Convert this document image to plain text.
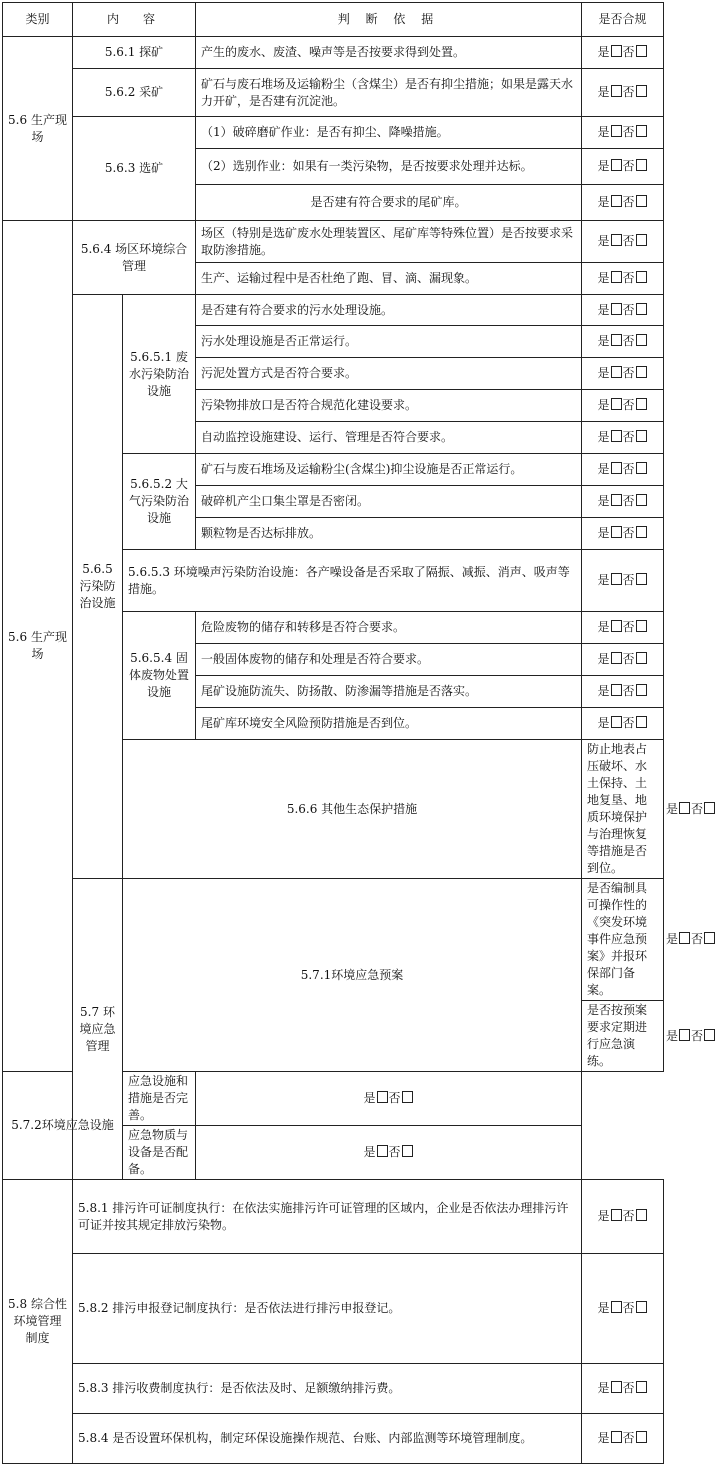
类别	内　容		判 断 依 据	是否合规	
5.6 生产现场	5.6.1 探矿		产生的废水、废渣、噪声等是否按要求得到处置。	是 否	
	5.6.2 采矿		矿石与废石堆场及运输粉尘（含煤尘）是否有抑尘措施；如果是露天水力开矿，是否建有沉淀池。	是 否	
	5.6.3 选矿		（1）破碎磨矿作业：是否有抑尘、降噪措施。	是 否	
			（2）选别作业：如果有一类污染物，是否按要求处理并达标。	是 否	
			是否建有符合要求的尾矿库。	是 否	
5.6 生产现场	5.6.4 场区环境综合管理		场区（特别是选矿废水处理装置区、尾矿库等特殊位置）是否按要求采取防渗措施。	是 否	
			生产、运输过程中是否杜绝了跑、冒、滴、漏现象。	是 否	
	5.6.5 污染防治设施	5.6.5.1 废水污染防治设施	是否建有符合要求的污水处理设施。	是 否	
			污水处理设施是否正常运行。	是 否	
			污泥处置方式是否符合要求。	是 否	
			污染物排放口是否符合规范化建设要求。	是 否	
			自动监控设施建设、运行、管理是否符合要求。	是 否	
		5.6.5.2 大气污染防治设施	矿石与废石堆场及运输粉尘(含煤尘)抑尘设施是否正常运行。	是 否	
			破碎机产尘口集尘罩是否密闭。	是 否	
			颗粒物是否达标排放。	是 否	
		5.6.5.3 环境噪声污染防治设施：各产噪设备是否采取了隔振、减振、消声、吸声等措施。		是 否	
		5.6.5.4 固体废物处置设施	危险废物的储存和转移是否符合要求。	是 否	
			一般固体废物的储存和处理是否符合要求。	是 否	
			尾矿设施防流失、防扬散、防渗漏等措施是否落实。	是 否	
			尾矿库环境安全风险预防措施是否到位。	是 否	
		5.6.6 其他生态保护措施		防止地表占压破坏、水土保持、土地复垦、地质环境保护与治理恢复等措施是否到位。	是 否
	5.7 环境应急管理	5.7.1环境应急预案		是否编制具可操作性的《突发环境事件应急预案》并报环保部门备案。	是 否
				是否按预案要求定期进行应急演练。	是 否
5.7.2环境应急设施		应急设施和措施是否完善。	是 否		
		应急物质与设备是否配备。	是 否		
5.8 综合性环境管理制度	5.8.1 排污许可证制度执行：在依法实施排污许可证管理的区域内，企业是否依法办理排污许可证并按其规定排放污染物。			是 否	
	5.8.2 排污申报登记制度执行：是否依法进行排污申报登记。			是 否	
	5.8.3 排污收费制度执行：是否依法及时、足额缴纳排污费。			是 否	
	5.8.4 是否设置环保机构，制定环保设施操作规范、台账、内部监测等环境管理制度。			是 否	
